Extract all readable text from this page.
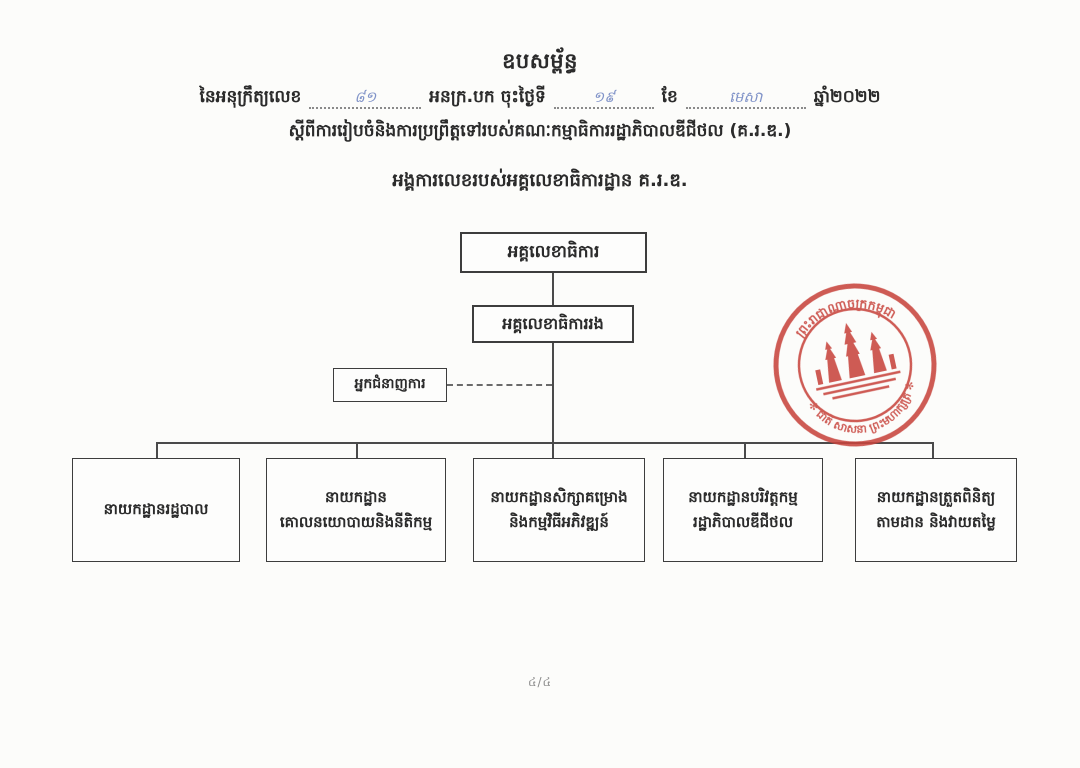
ឧបសម្ព័ន្ធ
នៃអនុក្រឹត្យលេខ	៨១	អនក្រ.បក ចុះថ្ងៃទី	១៩	ខែ	មេសា	ឆ្នាំ២០២២
ស្តីពីការរៀបចំនិងការប្រព្រឹត្តទៅរបស់គណៈកម្មាធិការរដ្ឋាភិបាលឌីជីថល (គ.រ.ឌ.)
អង្គការលេខរបស់អគ្គលេខាធិការដ្ឋាន គ.រ.ឌ.
អគ្គលេខាធិការ
អគ្គលេខាធិការរង
អ្នកជំនាញការ
នាយកដ្ឋានរដ្ឋបាល
នាយកដ្ឋាន
គោលនយោបាយនិងនីតិកម្ម
នាយកដ្ឋានសិក្សាគម្រោង
និងកម្មវិធីអភិវឌ្ឍន៍
នាយកដ្ឋានបរិវត្តកម្ម
រដ្ឋាភិបាលឌីជីថល
នាយកដ្ឋានត្រួតពិនិត្យ
តាមដាន និងវាយតម្លៃ
ព្រះរាជាណាចក្រកម្ពុជា
✻ ជាតិ សាសនា ព្រះមហាក្សត្រ ✻
៤/៤
